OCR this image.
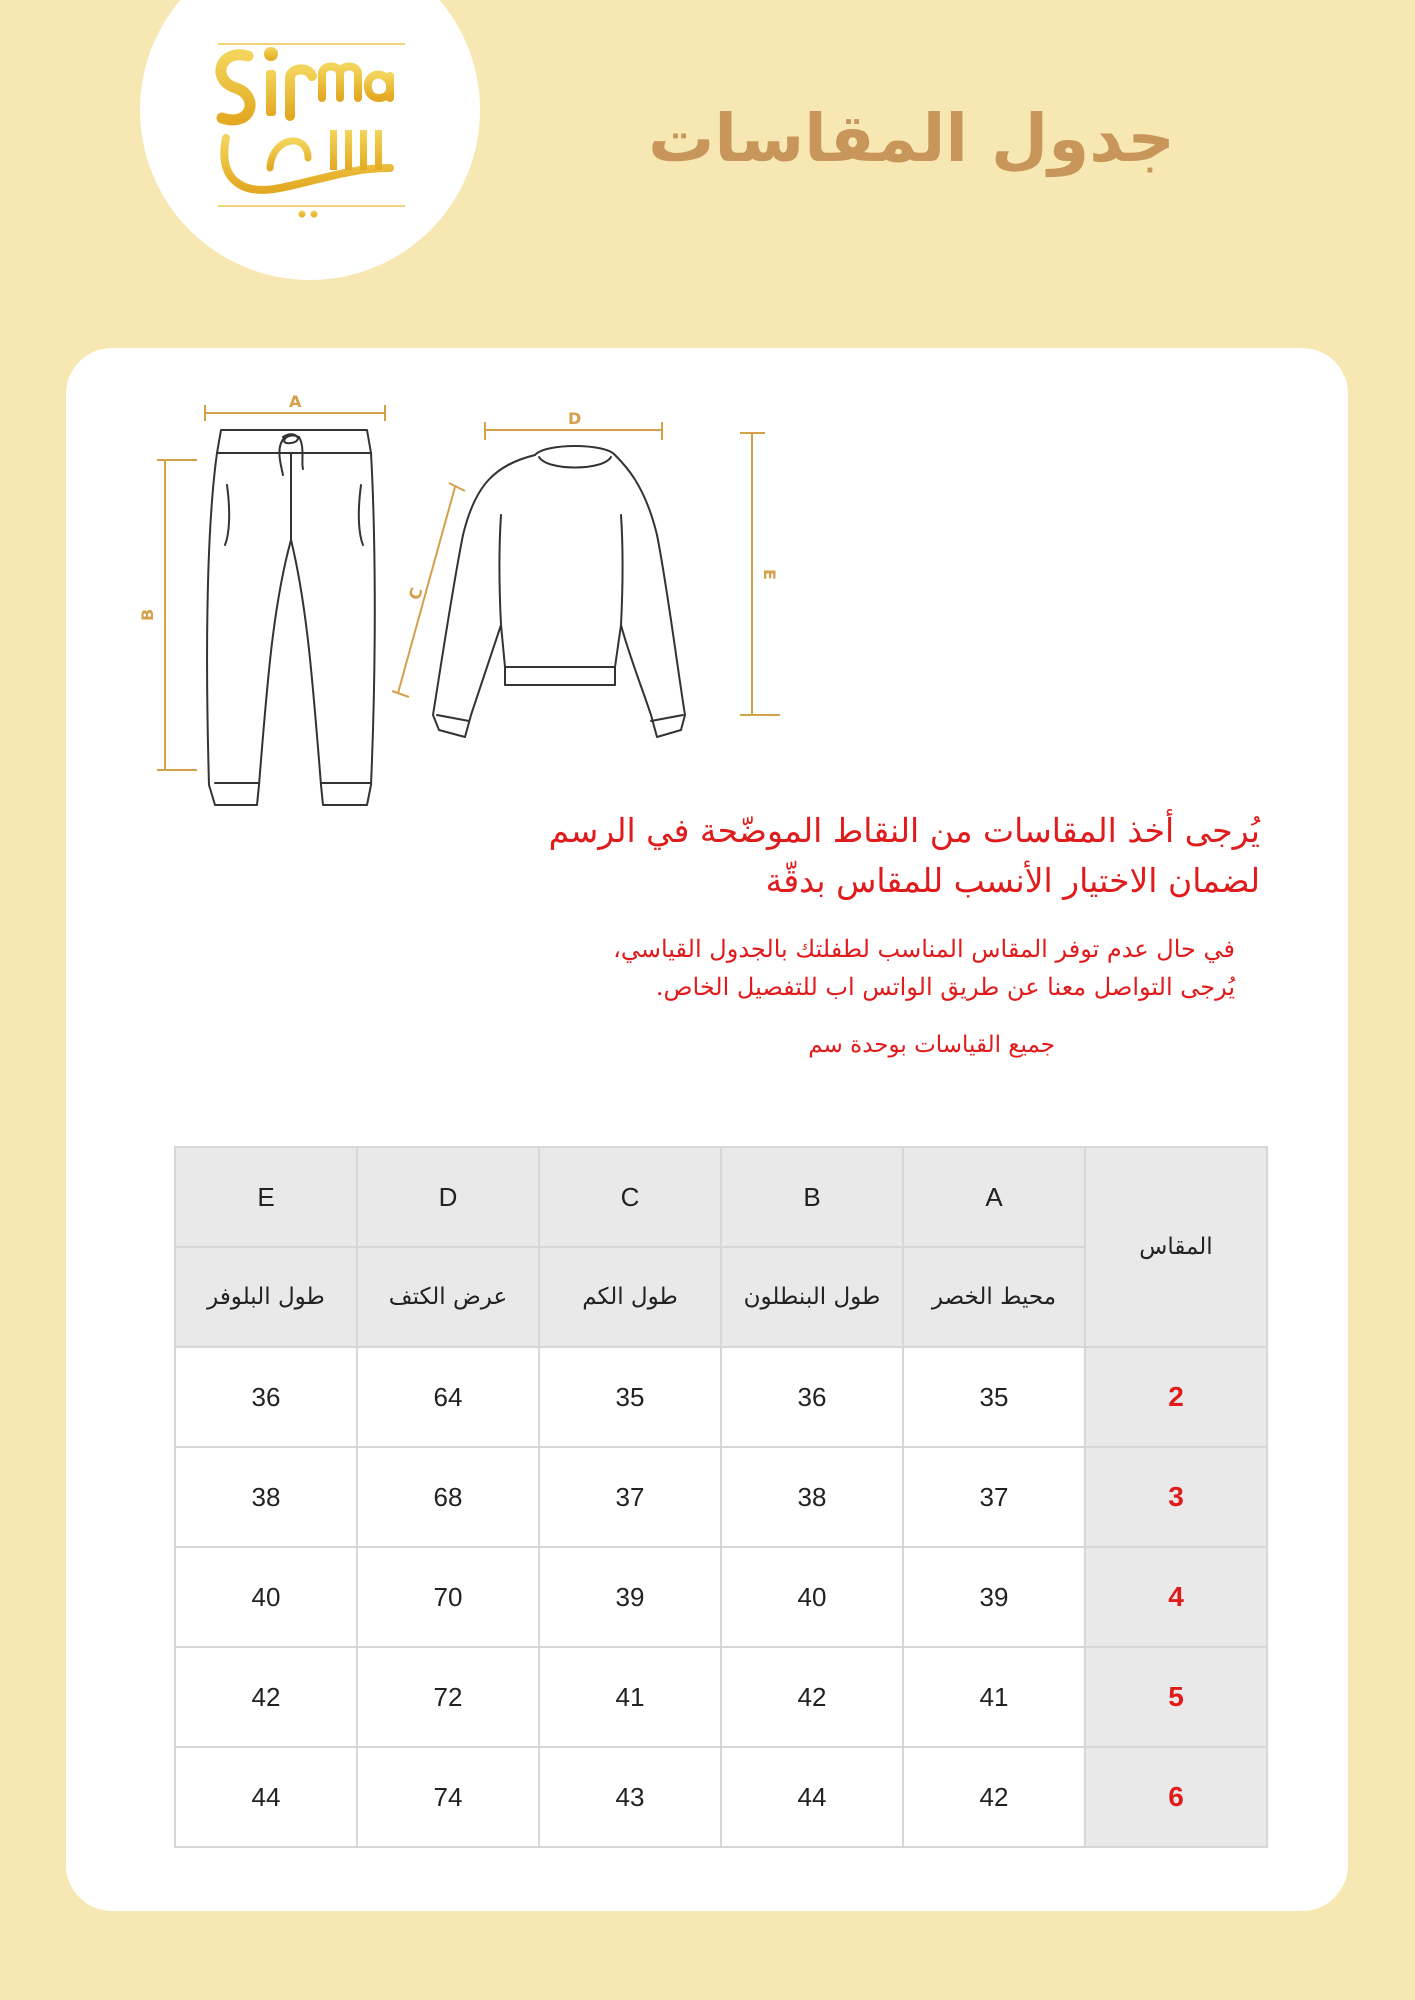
sirma
جدول المقاسات
A
B
C
D
E
يُرجى أخذ المقاسات من النقاط الموضّحة في الرسم
لضمان الاختيار الأنسب للمقاس بدقّة
في حال عدم توفر المقاس المناسب لطفلتك بالجدول القياسي،
يُرجى التواصل معنا عن طريق الواتس اب للتفصيل الخاص.
جميع القياسات بوحدة سم
E	D	C	B	A	المقاس
طول البلوفر	عرض الكتف	طول الكم	طول البنطلون	محيط الخصر	
36	64	35	36	35	2
38	68	37	38	37	3
40	70	39	40	39	4
42	72	41	42	41	5
44	74	43	44	42	6
